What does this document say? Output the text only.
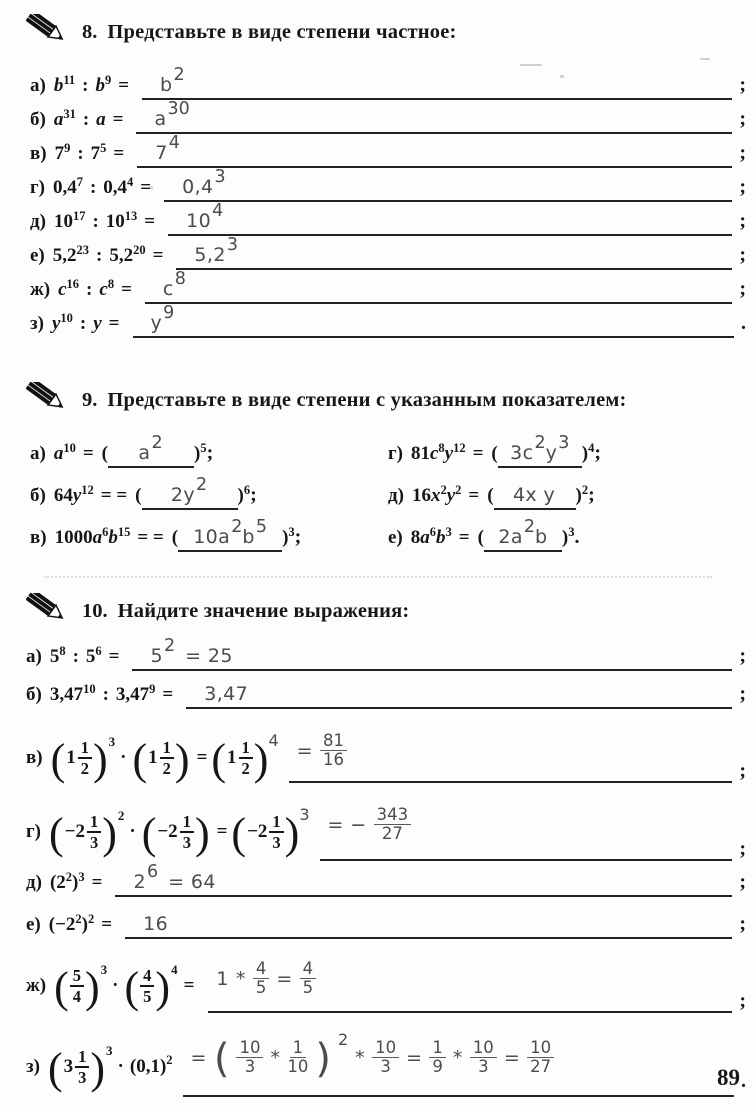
8. Представьте в виде степени частное:
а) $b^{11}$ : $b^9$ =	b2	;
б) $a^{31}$ : a =	a30	;
в) $7^9$ : $7^5$ =	74	;
г) $0,4^7$ : $0,4^4$ =	0,43	;
д) $10^{17}$ : $10^{13}$ =	104	;
е) $5,2^{23}$ : $5,2^{20}$ =	5,23	;
ж) $c^{16}$ : $c^8$ =	c8	;
з) $y^{10}$ : y =	y9	.
9. Представьте в виде степени с указанным показателем:
а) $a^{10}$ = (	a2	)$^5$ ;	г) 81 $c^8$ $y^{12}$ = ( 3c2y3 )$^4$ ;
б) 64 $y^{12}$ = = (	2y2	)$^6$ ;	д) 16 $x^2$ $y^2$ = (	4x y	)$^2$ ;
в) 1000 $a^6$ $b^{15}$ = = ( 10a2b5 )$^3$ ;	е) 8 $a^6$ $b^3$ = ( 2a2b )$^3$ .
10. Найдите значение выражения:
а) $5^8$ : $5^6$ =	52 = 25	;
б) 3,47$^{10}$ : $3,47^9$ =	3,47	;
в) ( $1 \frac{1}{2} )^3$
· ( $1 \frac{1}{2}$ ) = ( $1 \frac{1}{2} )^4 = \frac{81}{16}$
;
г) ( $-2 \frac{1}{3} )^2$
· ( $-2 \frac{1}{3}$ ) = ( $-2 \frac{1}{3} )^3$ = − $\frac{343}{27}$
;
д) ($2^2$ )$^3$ =	26 = 64	;
е) ($-2^2$ )$^2$ =	16	;
ж) ( $\frac{5}{4} )^3$
· ( $\frac{4}{5} )^4$
= $1 * \frac{4}{5} = \frac{4}{5}$
;
з) ( $3 \frac{1}{3} )^3$
· $(0,1)^2$ = ( $\frac{10}{3} * \frac{1}{10}$ ) $^2$
* $\frac{10}{3} = \frac{1}{9} * \frac{10}{3} = \frac{10}{27}$
.
89
